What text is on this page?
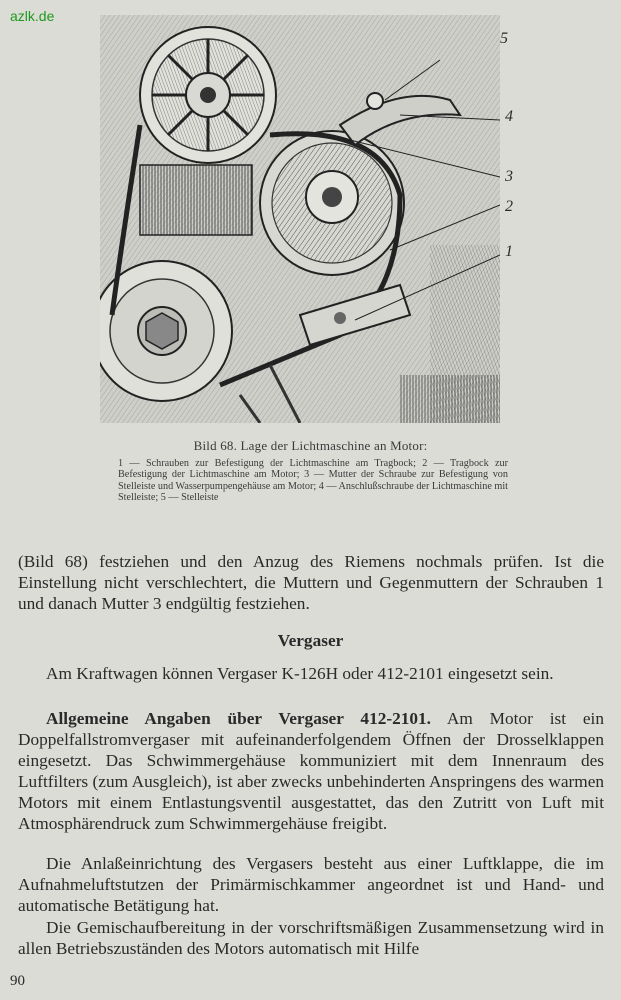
azlk.de
5
4
3
2
1
Bild 68. Lage der Lichtmaschine an Motor:
1 — Schrauben zur Befestigung der Lichtmaschine am Tragbock; 2 — Tragbock zur Befestigung der Lichtmaschine am Motor; 3 — Mutter der Schraube zur Befestigung von Stelleiste und Wasserpumpengehäuse am Motor; 4 — Anschlußschraube der Lichtmaschine mit Stelleiste; 5 — Stelleiste
(Bild 68) festziehen und den Anzug des Riemens nochmals prüfen. Ist die Einstellung nicht verschlechtert, die Muttern und Gegenmuttern der Schrauben 1 und danach Mutter 3 endgültig festziehen.
Vergaser
Am Kraftwagen können Vergaser K-126H oder 412-2101 eingesetzt sein.
Allgemeine Angaben über Vergaser 412-2101. Am Motor ist ein Doppelfallstromvergaser mit aufeinanderfolgendem Öffnen der Drosselklappen eingesetzt. Das Schwimmergehäuse kommuniziert mit dem Innenraum des Luftfilters (zum Ausgleich), ist aber zwecks unbehinderten Anspringens des warmen Motors mit einem Entlastungsventil ausgestattet, das den Zutritt von Luft mit Atmosphärendruck zum Schwimmergehäuse freigibt.
Die Anlaßeinrichtung des Vergasers besteht aus einer Luftklappe, die im Aufnahmeluftstutzen der Primärmischkammer angeordnet ist und Hand- und automatische Betätigung hat.
Die Gemischaufbereitung in der vorschriftsmäßigen Zusammensetzung wird in allen Betriebszuständen des Motors automatisch mit Hilfe
90
